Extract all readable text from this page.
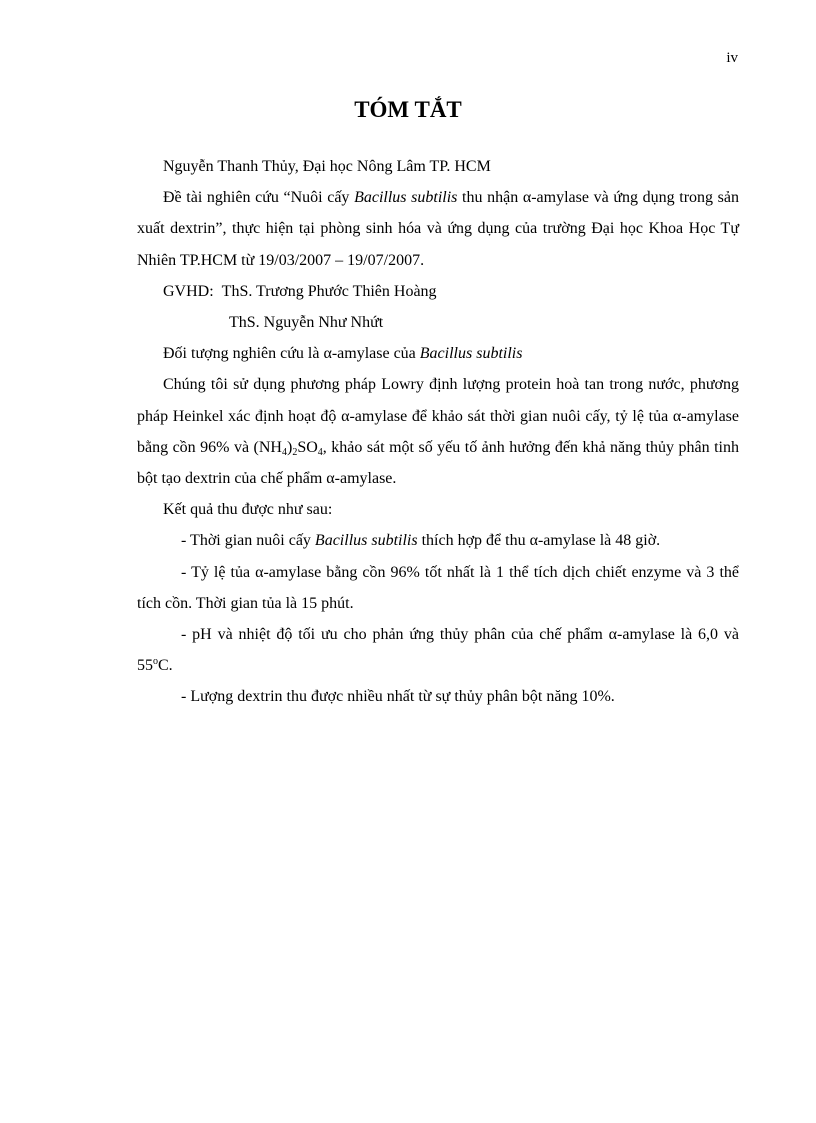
iv
TÓM TẮT

Nguyễn Thanh Thủy, Đại học Nông Lâm TP. HCM

Đề tài nghiên cứu “Nuôi cấy Bacillus subtilis thu nhận α-amylase và ứng dụng trong sản xuất dextrin”, thực hiện tại phòng sinh hóa và ứng dụng của trường Đại học Khoa Học Tự Nhiên TP.HCM từ 19/03/2007 – 19/07/2007.

GVHD: ThS. Trương Phước Thiên Hoàng

ThS. Nguyễn Như Nhứt

Đối tượng nghiên cứu là α-amylase của Bacillus subtilis

Chúng tôi sử dụng phương pháp Lowry định lượng protein hoà tan trong nước, phương pháp Heinkel xác định hoạt độ α-amylase để khảo sát thời gian nuôi cấy, tỷ lệ tủa α-amylase bằng cồn 96% và $(NH_4)_2SO_4$, khảo sát một số yếu tố ảnh hưởng đến khả năng thủy phân tinh bột tạo dextrin của chế phẩm α-amylase.

Kết quả thu được như sau:

- Thời gian nuôi cấy Bacillus subtilis thích hợp để thu α-amylase là 48 giờ.

- Tỷ lệ tủa α-amylase bằng cồn 96% tốt nhất là 1 thể tích dịch chiết enzyme và 3 thể tích cồn. Thời gian tủa là 15 phút.

- pH và nhiệt độ tối ưu cho phản ứng thủy phân của chế phẩm α-amylase là 6,0 và 55$^o$C.

- Lượng dextrin thu được nhiều nhất từ sự thủy phân bột năng 10%.
